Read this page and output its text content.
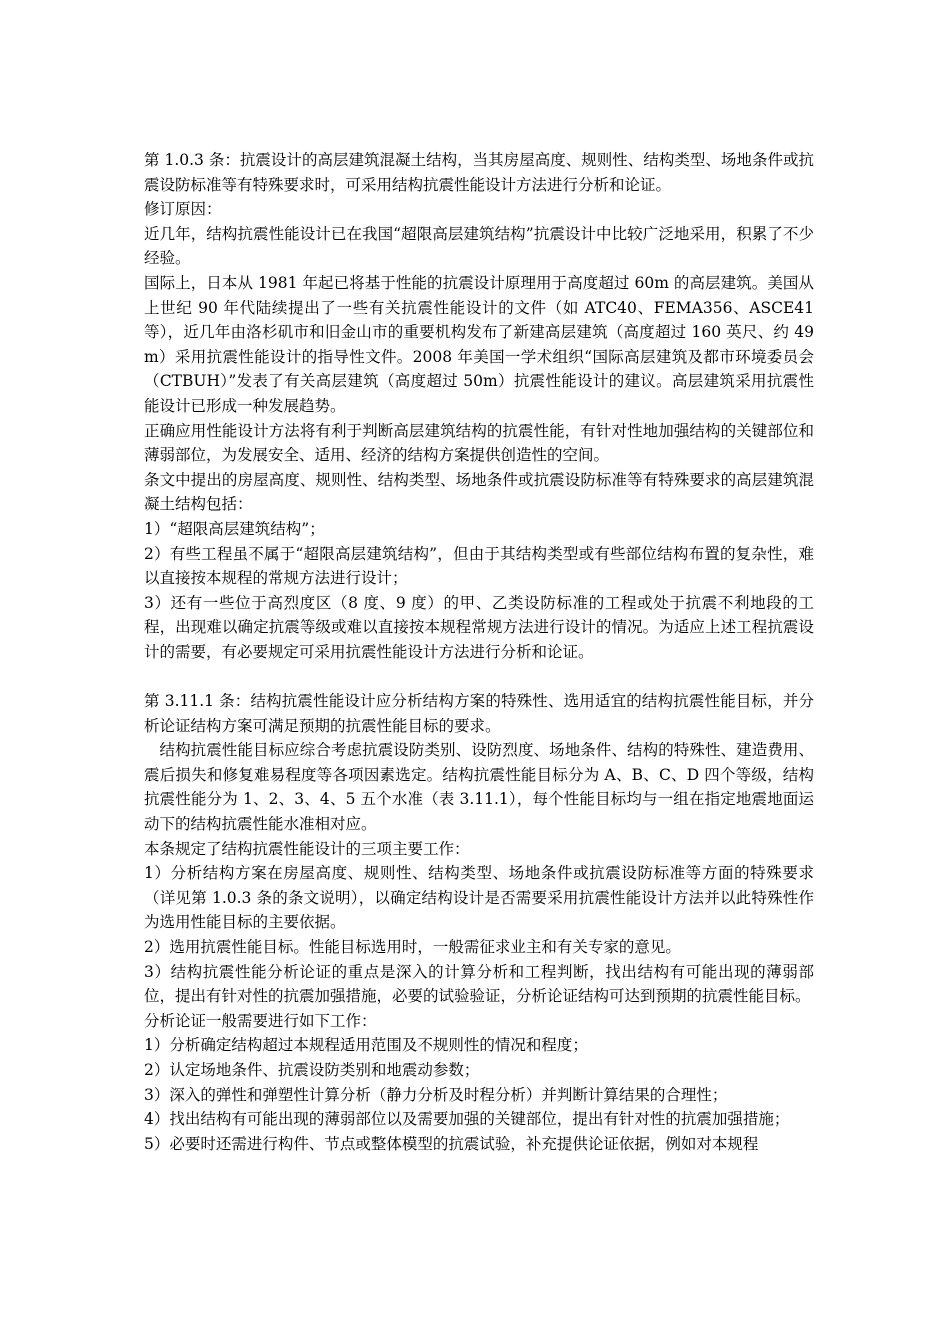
第 1.0.3 条：抗震设计的高层建筑混凝土结构，当其房屋高度、规则性、结构类型、场地条件或抗震设防标准等有特殊要求时，可采用结构抗震性能设计方法进行分析和论证。

修订原因：

近几年，结构抗震性能设计已在我国“超限高层建筑结构”抗震设计中比较广泛地采用，积累了不少经验。

国际上，日本从 1981 年起已将基于性能的抗震设计原理用于高度超过 60m 的高层建筑。美国从上世纪 90 年代陆续提出了一些有关抗震性能设计的文件（如 ATC40、FEMA356、ASCE41 等），近几年由洛杉矶市和旧金山市的重要机构发布了新建高层建筑（高度超过 160 英尺、约 49m）采用抗震性能设计的指导性文件。2008 年美国一学术组织“国际高层建筑及都市环境委员会（CTBUH）”发表了有关高层建筑（高度超过 50m）抗震性能设计的建议。高层建筑采用抗震性能设计已形成一种发展趋势。

正确应用性能设计方法将有利于判断高层建筑结构的抗震性能，有针对性地加强结构的关键部位和薄弱部位，为发展安全、适用、经济的结构方案提供创造性的空间。

条文中提出的房屋高度、规则性、结构类型、场地条件或抗震设防标准等有特殊要求的高层建筑混凝土结构包括：

1）“超限高层建筑结构”；

2）有些工程虽不属于“超限高层建筑结构”，但由于其结构类型或有些部位结构布置的复杂性，难以直接按本规程的常规方法进行设计；

3）还有一些位于高烈度区（8 度、9 度）的甲、乙类设防标准的工程或处于抗震不利地段的工程，出现难以确定抗震等级或难以直接按本规程常规方法进行设计的情况。为适应上述工程抗震设计的需要，有必要规定可采用抗震性能设计方法进行分析和论证。

第 3.11.1 条：结构抗震性能设计应分析结构方案的特殊性、选用适宜的结构抗震性能目标，并分析论证结构方案可满足预期的抗震性能目标的要求。

结构抗震性能目标应综合考虑抗震设防类别、设防烈度、场地条件、结构的特殊性、建造费用、震后损失和修复难易程度等各项因素选定。结构抗震性能目标分为 A、B、C、D 四个等级，结构抗震性能分为 1、2、3、4、5 五个水准（表 3.11.1），每个性能目标均与一组在指定地震地面运动下的结构抗震性能水准相对应。

本条规定了结构抗震性能设计的三项主要工作：

1）分析结构方案在房屋高度、规则性、结构类型、场地条件或抗震设防标准等方面的特殊要求（详见第 1.0.3 条的条文说明），以确定结构设计是否需要采用抗震性能设计方法并以此特殊性作为选用性能目标的主要依据。

2）选用抗震性能目标。性能目标选用时，一般需征求业主和有关专家的意见。

3）结构抗震性能分析论证的重点是深入的计算分析和工程判断，找出结构有可能出现的薄弱部位，提出有针对性的抗震加强措施，必要的试验验证，分析论证结构可达到预期的抗震性能目标。

分析论证一般需要进行如下工作：

1）分析确定结构超过本规程适用范围及不规则性的情况和程度；

2）认定场地条件、抗震设防类别和地震动参数；

3）深入的弹性和弹塑性计算分析（静力分析及时程分析）并判断计算结果的合理性；

4）找出结构有可能出现的薄弱部位以及需要加强的关键部位，提出有针对性的抗震加强措施；

5）必要时还需进行构件、节点或整体模型的抗震试验，补充提供论证依据，例如对本规程
